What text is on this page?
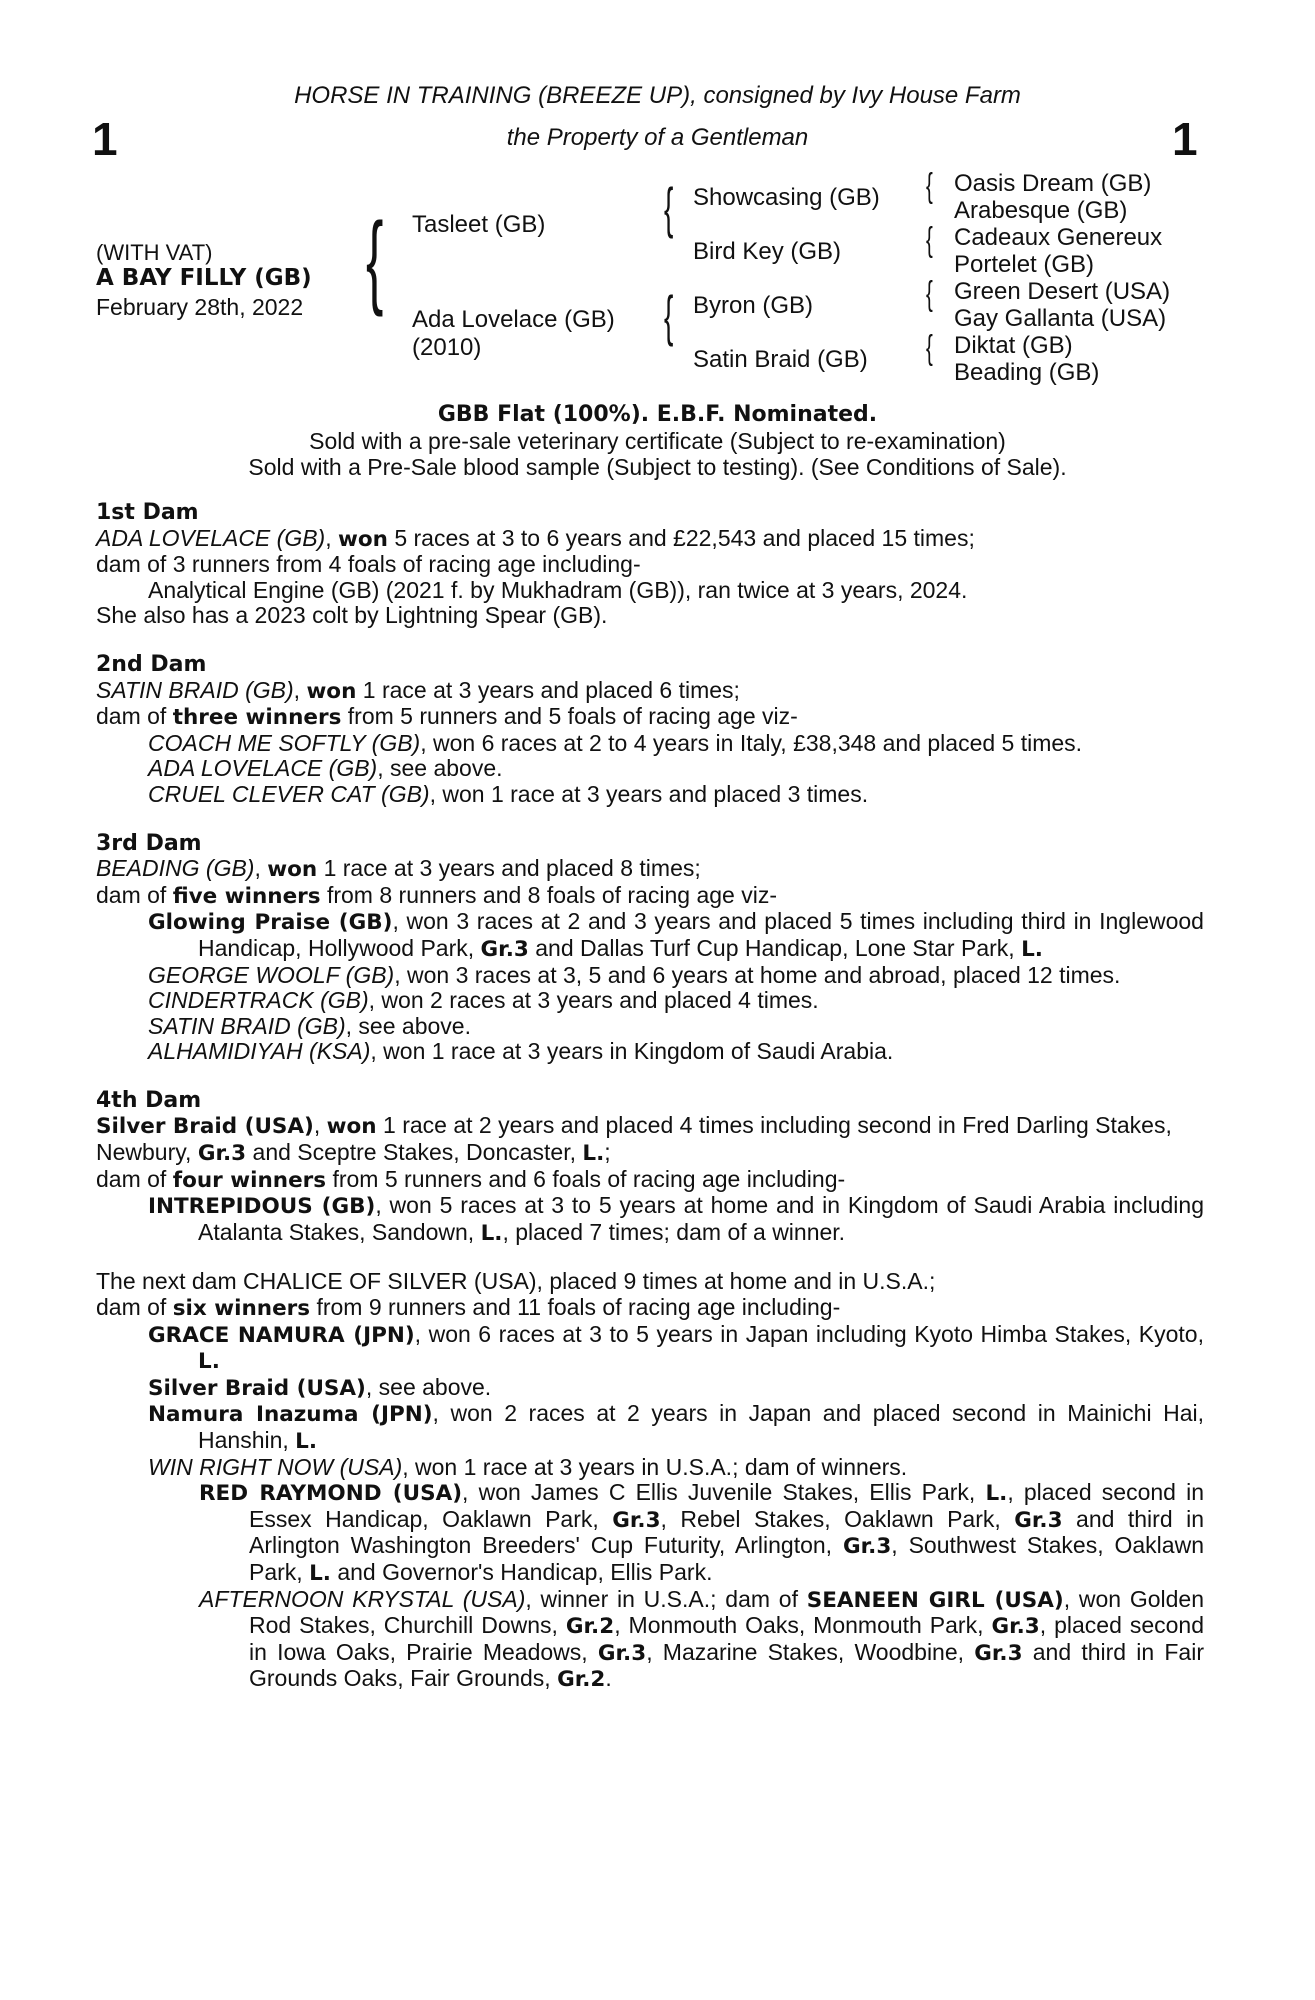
1	1
HORSE IN TRAINING (BREEZE UP), consigned by Ivy House Farm
the Property of a Gentleman
(WITH VAT)
A BAY FILLY (GB)
February 28th, 2022 {	{
{
{
{
{
{
Tasleet (GB)
Ada Lovelace (GB)
(2010)
Showcasing (GB)
Bird Key (GB)
Byron (GB)
Satin Braid (GB)
Oasis Dream (GB)
Arabesque (GB)
Cadeaux Genereux
Portelet (GB)
Green Desert (USA)
Gay Gallanta (USA)
Diktat (GB)
Beading (GB)
GBB Flat (100%). E.B.F. Nominated.
Sold with a pre-sale veterinary certificate (Subject to re-examination)
Sold with a Pre-Sale blood sample (Subject to testing). (See Conditions of Sale).
1st Dam
ADA LOVELACE (GB), won 5 races at 3 to 6 years and £22,543 and placed 15 times;
dam of 3 runners from 4 foals of racing age including-
Analytical Engine (GB) (2021 f. by Mukhadram (GB)), ran twice at 3 years, 2024.
She also has a 2023 colt by Lightning Spear (GB).
2nd Dam
SATIN BRAID (GB), won 1 race at 3 years and placed 6 times;
dam of three winners from 5 runners and 5 foals of racing age viz-
COACH ME SOFTLY (GB), won 6 races at 2 to 4 years in Italy, £38,348 and placed 5 times.
ADA LOVELACE (GB), see above.
CRUEL CLEVER CAT (GB), won 1 race at 3 years and placed 3 times.
3rd Dam
BEADING (GB), won 1 race at 3 years and placed 8 times;
dam of five winners from 8 runners and 8 foals of racing age viz-
Glowing Praise (GB), won 3 races at 2 and 3 years and placed 5 times including third in Inglewood Handicap, Hollywood Park, Gr.3 and Dallas Turf Cup Handicap, Lone Star Park, L.
GEORGE WOOLF (GB), won 3 races at 3, 5 and 6 years at home and abroad, placed 12 times.
CINDERTRACK (GB), won 2 races at 3 years and placed 4 times.
SATIN BRAID (GB), see above.
ALHAMIDIYAH (KSA), won 1 race at 3 years in Kingdom of Saudi Arabia.
4th Dam
Silver Braid (USA), won 1 race at 2 years and placed 4 times including second in Fred Darling Stakes, Newbury, Gr.3 and Sceptre Stakes, Doncaster, L.;
dam of four winners from 5 runners and 6 foals of racing age including-
INTREPIDOUS (GB), won 5 races at 3 to 5 years at home and in Kingdom of Saudi Arabia including Atalanta Stakes, Sandown, L., placed 7 times; dam of a winner.
The next dam CHALICE OF SILVER (USA), placed 9 times at home and in U.S.A.;
dam of six winners from 9 runners and 11 foals of racing age including-
GRACE NAMURA (JPN), won 6 races at 3 to 5 years in Japan including Kyoto Himba Stakes, Kyoto, L.
Silver Braid (USA), see above.
Namura Inazuma (JPN), won 2 races at 2 years in Japan and placed second in Mainichi Hai, Hanshin, L.
WIN RIGHT NOW (USA), won 1 race at 3 years in U.S.A.; dam of winners.
RED RAYMOND (USA), won James C Ellis Juvenile Stakes, Ellis Park, L., placed second in Essex Handicap, Oaklawn Park, Gr.3, Rebel Stakes, Oaklawn Park, Gr.3 and third in Arlington Washington Breeders' Cup Futurity, Arlington, Gr.3, Southwest Stakes, Oaklawn Park, L. and Governor's Handicap, Ellis Park.
AFTERNOON KRYSTAL (USA), winner in U.S.A.; dam of SEANEEN GIRL (USA), won Golden Rod Stakes, Churchill Downs, Gr.2, Monmouth Oaks, Monmouth Park, Gr.3, placed second in Iowa Oaks, Prairie Meadows, Gr.3, Mazarine Stakes, Woodbine, Gr.3 and third in Fair Grounds Oaks, Fair Grounds, Gr.2.
